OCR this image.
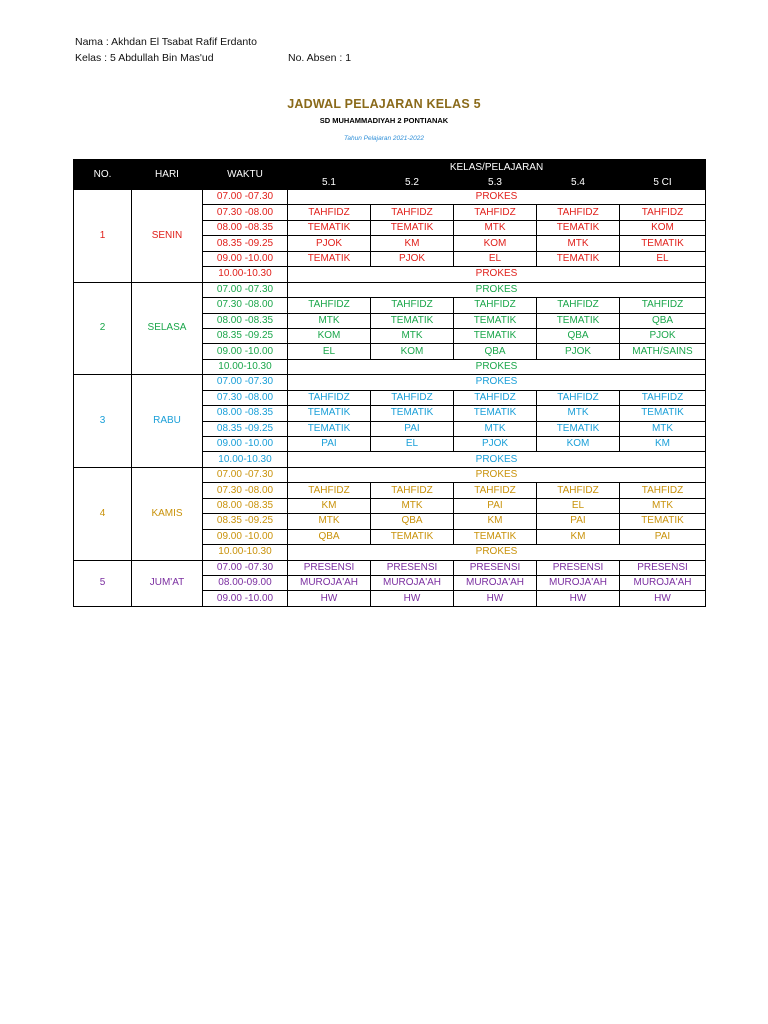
Nama : Akhdan El Tsabat Rafif Erdanto
Kelas : 5 Abdullah Bin Mas'ud	No. Absen : 1
JADWAL PELAJARAN KELAS 5
SD MUHAMMADIYAH 2 PONTIANAK
Tahun Pelajaran 2021-2022
NO.	HARI	WAKTU	KELAS/PELAJARAN				
			5.1	5.2	5.3	5.4	5 CI
1	SENIN	07.00 -07.30	PROKES				
		07.30 -08.00	TAHFIDZ	TAHFIDZ	TAHFIDZ	TAHFIDZ	TAHFIDZ
		08.00 -08.35	TEMATIK	TEMATIK	MTK	TEMATIK	KOM
		08.35 -09.25	PJOK	KM	KOM	MTK	TEMATIK
		09.00 -10.00	TEMATIK	PJOK	EL	TEMATIK	EL
		10.00-10.30	PROKES				
2	SELASA	07.00 -07.30	PROKES				
		07.30 -08.00	TAHFIDZ	TAHFIDZ	TAHFIDZ	TAHFIDZ	TAHFIDZ
		08.00 -08.35	MTK	TEMATIK	TEMATIK	TEMATIK	QBA
		08.35 -09.25	KOM	MTK	TEMATIK	QBA	PJOK
		09.00 -10.00	EL	KOM	QBA	PJOK	MATH/SAINS
		10.00-10.30	PROKES				
3	RABU	07.00 -07.30	PROKES				
		07.30 -08.00	TAHFIDZ	TAHFIDZ	TAHFIDZ	TAHFIDZ	TAHFIDZ
		08.00 -08.35	TEMATIK	TEMATIK	TEMATIK	MTK	TEMATIK
		08.35 -09.25	TEMATIK	PAI	MTK	TEMATIK	MTK
		09.00 -10.00	PAI	EL	PJOK	KOM	KM
		10.00-10.30	PROKES				
4	KAMIS	07.00 -07.30	PROKES				
		07.30 -08.00	TAHFIDZ	TAHFIDZ	TAHFIDZ	TAHFIDZ	TAHFIDZ
		08.00 -08.35	KM	MTK	PAI	EL	MTK
		08.35 -09.25	MTK	QBA	KM	PAI	TEMATIK
		09.00 -10.00	QBA	TEMATIK	TEMATIK	KM	PAI
		10.00-10.30	PROKES				
5	JUM'AT	07.00 -07.30	PRESENSI	PRESENSI	PRESENSI	PRESENSI	PRESENSI
		08.00-09.00	MUROJA'AH	MUROJA'AH	MUROJA'AH	MUROJA'AH	MUROJA'AH
		09.00 -10.00	HW	HW	HW	HW	HW
